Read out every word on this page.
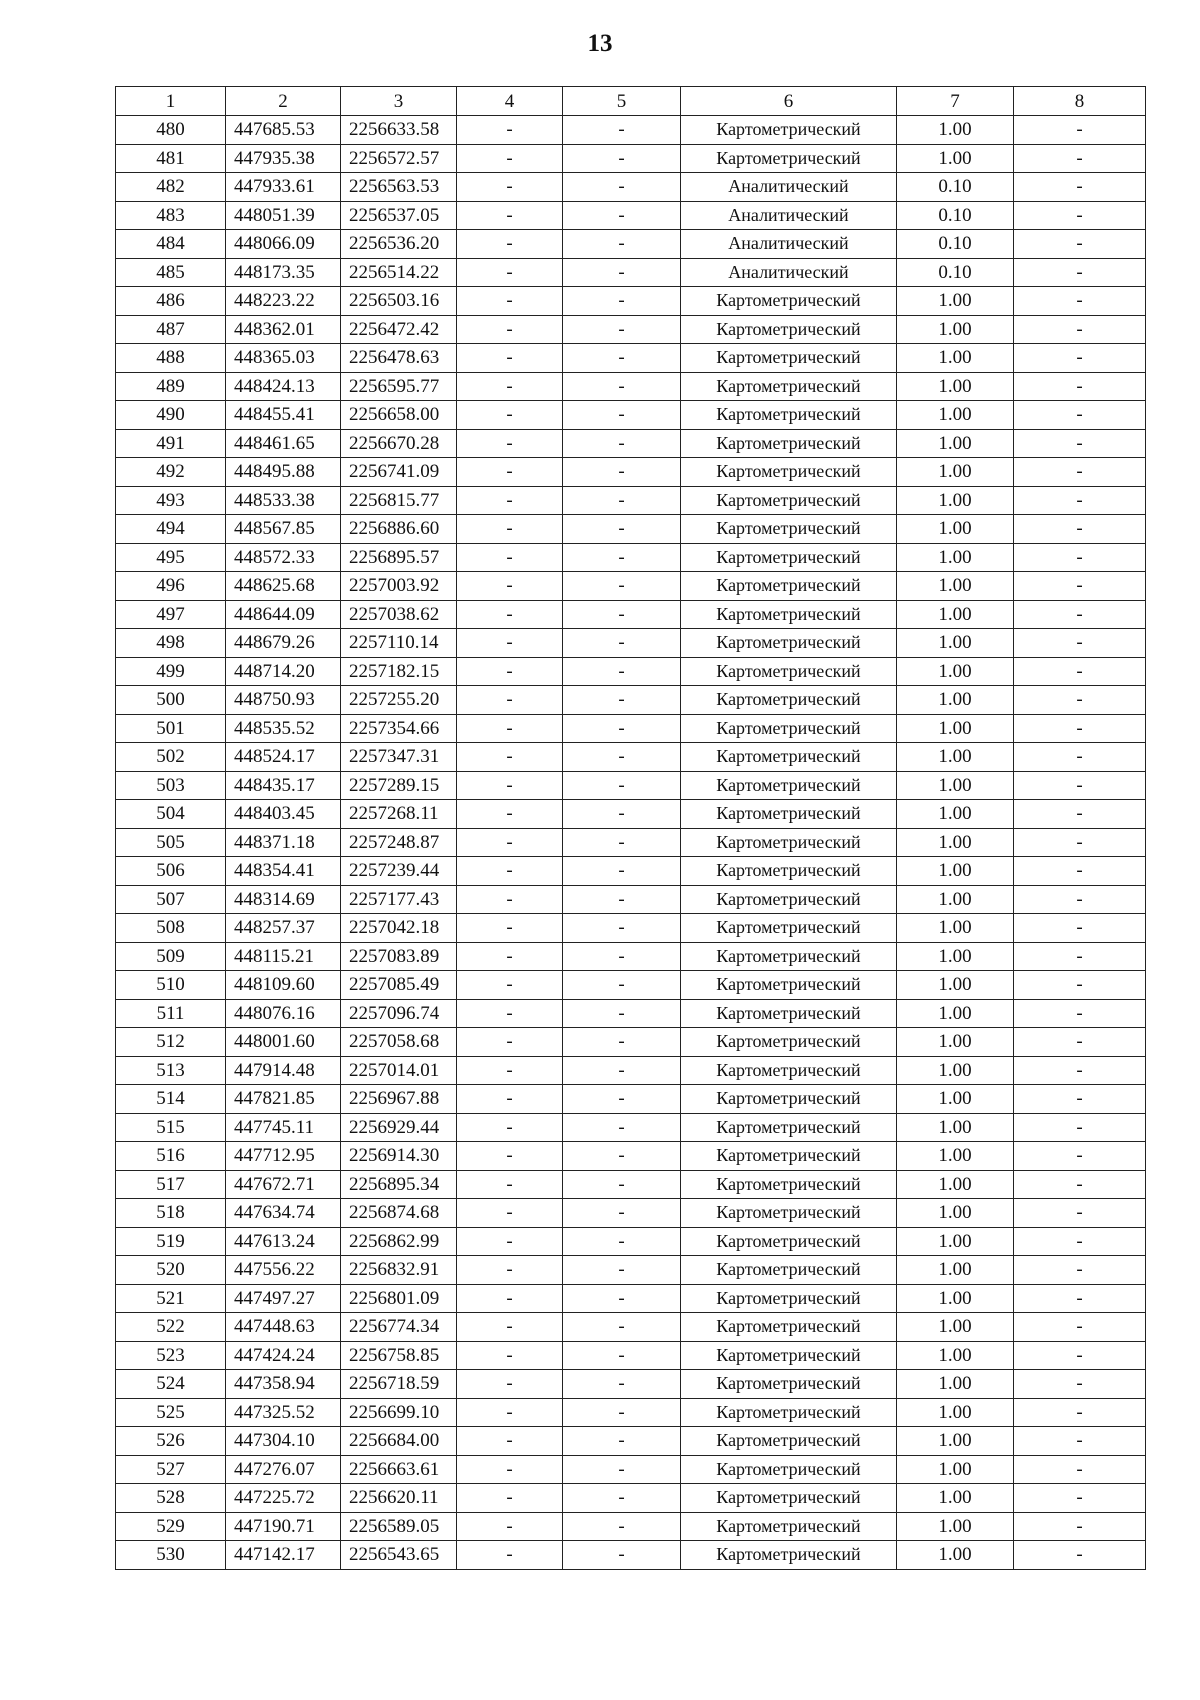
13
1	2	3	4	5	6	7	8
480	447685.53	2256633.58	-	-	Картометрический	1.00	-
481	447935.38	2256572.57	-	-	Картометрический	1.00	-
482	447933.61	2256563.53	-	-	Аналитический	0.10	-
483	448051.39	2256537.05	-	-	Аналитический	0.10	-
484	448066.09	2256536.20	-	-	Аналитический	0.10	-
485	448173.35	2256514.22	-	-	Аналитический	0.10	-
486	448223.22	2256503.16	-	-	Картометрический	1.00	-
487	448362.01	2256472.42	-	-	Картометрический	1.00	-
488	448365.03	2256478.63	-	-	Картометрический	1.00	-
489	448424.13	2256595.77	-	-	Картометрический	1.00	-
490	448455.41	2256658.00	-	-	Картометрический	1.00	-
491	448461.65	2256670.28	-	-	Картометрический	1.00	-
492	448495.88	2256741.09	-	-	Картометрический	1.00	-
493	448533.38	2256815.77	-	-	Картометрический	1.00	-
494	448567.85	2256886.60	-	-	Картометрический	1.00	-
495	448572.33	2256895.57	-	-	Картометрический	1.00	-
496	448625.68	2257003.92	-	-	Картометрический	1.00	-
497	448644.09	2257038.62	-	-	Картометрический	1.00	-
498	448679.26	2257110.14	-	-	Картометрический	1.00	-
499	448714.20	2257182.15	-	-	Картометрический	1.00	-
500	448750.93	2257255.20	-	-	Картометрический	1.00	-
501	448535.52	2257354.66	-	-	Картометрический	1.00	-
502	448524.17	2257347.31	-	-	Картометрический	1.00	-
503	448435.17	2257289.15	-	-	Картометрический	1.00	-
504	448403.45	2257268.11	-	-	Картометрический	1.00	-
505	448371.18	2257248.87	-	-	Картометрический	1.00	-
506	448354.41	2257239.44	-	-	Картометрический	1.00	-
507	448314.69	2257177.43	-	-	Картометрический	1.00	-
508	448257.37	2257042.18	-	-	Картометрический	1.00	-
509	448115.21	2257083.89	-	-	Картометрический	1.00	-
510	448109.60	2257085.49	-	-	Картометрический	1.00	-
511	448076.16	2257096.74	-	-	Картометрический	1.00	-
512	448001.60	2257058.68	-	-	Картометрический	1.00	-
513	447914.48	2257014.01	-	-	Картометрический	1.00	-
514	447821.85	2256967.88	-	-	Картометрический	1.00	-
515	447745.11	2256929.44	-	-	Картометрический	1.00	-
516	447712.95	2256914.30	-	-	Картометрический	1.00	-
517	447672.71	2256895.34	-	-	Картометрический	1.00	-
518	447634.74	2256874.68	-	-	Картометрический	1.00	-
519	447613.24	2256862.99	-	-	Картометрический	1.00	-
520	447556.22	2256832.91	-	-	Картометрический	1.00	-
521	447497.27	2256801.09	-	-	Картометрический	1.00	-
522	447448.63	2256774.34	-	-	Картометрический	1.00	-
523	447424.24	2256758.85	-	-	Картометрический	1.00	-
524	447358.94	2256718.59	-	-	Картометрический	1.00	-
525	447325.52	2256699.10	-	-	Картометрический	1.00	-
526	447304.10	2256684.00	-	-	Картометрический	1.00	-
527	447276.07	2256663.61	-	-	Картометрический	1.00	-
528	447225.72	2256620.11	-	-	Картометрический	1.00	-
529	447190.71	2256589.05	-	-	Картометрический	1.00	-
530	447142.17	2256543.65	-	-	Картометрический	1.00	-
